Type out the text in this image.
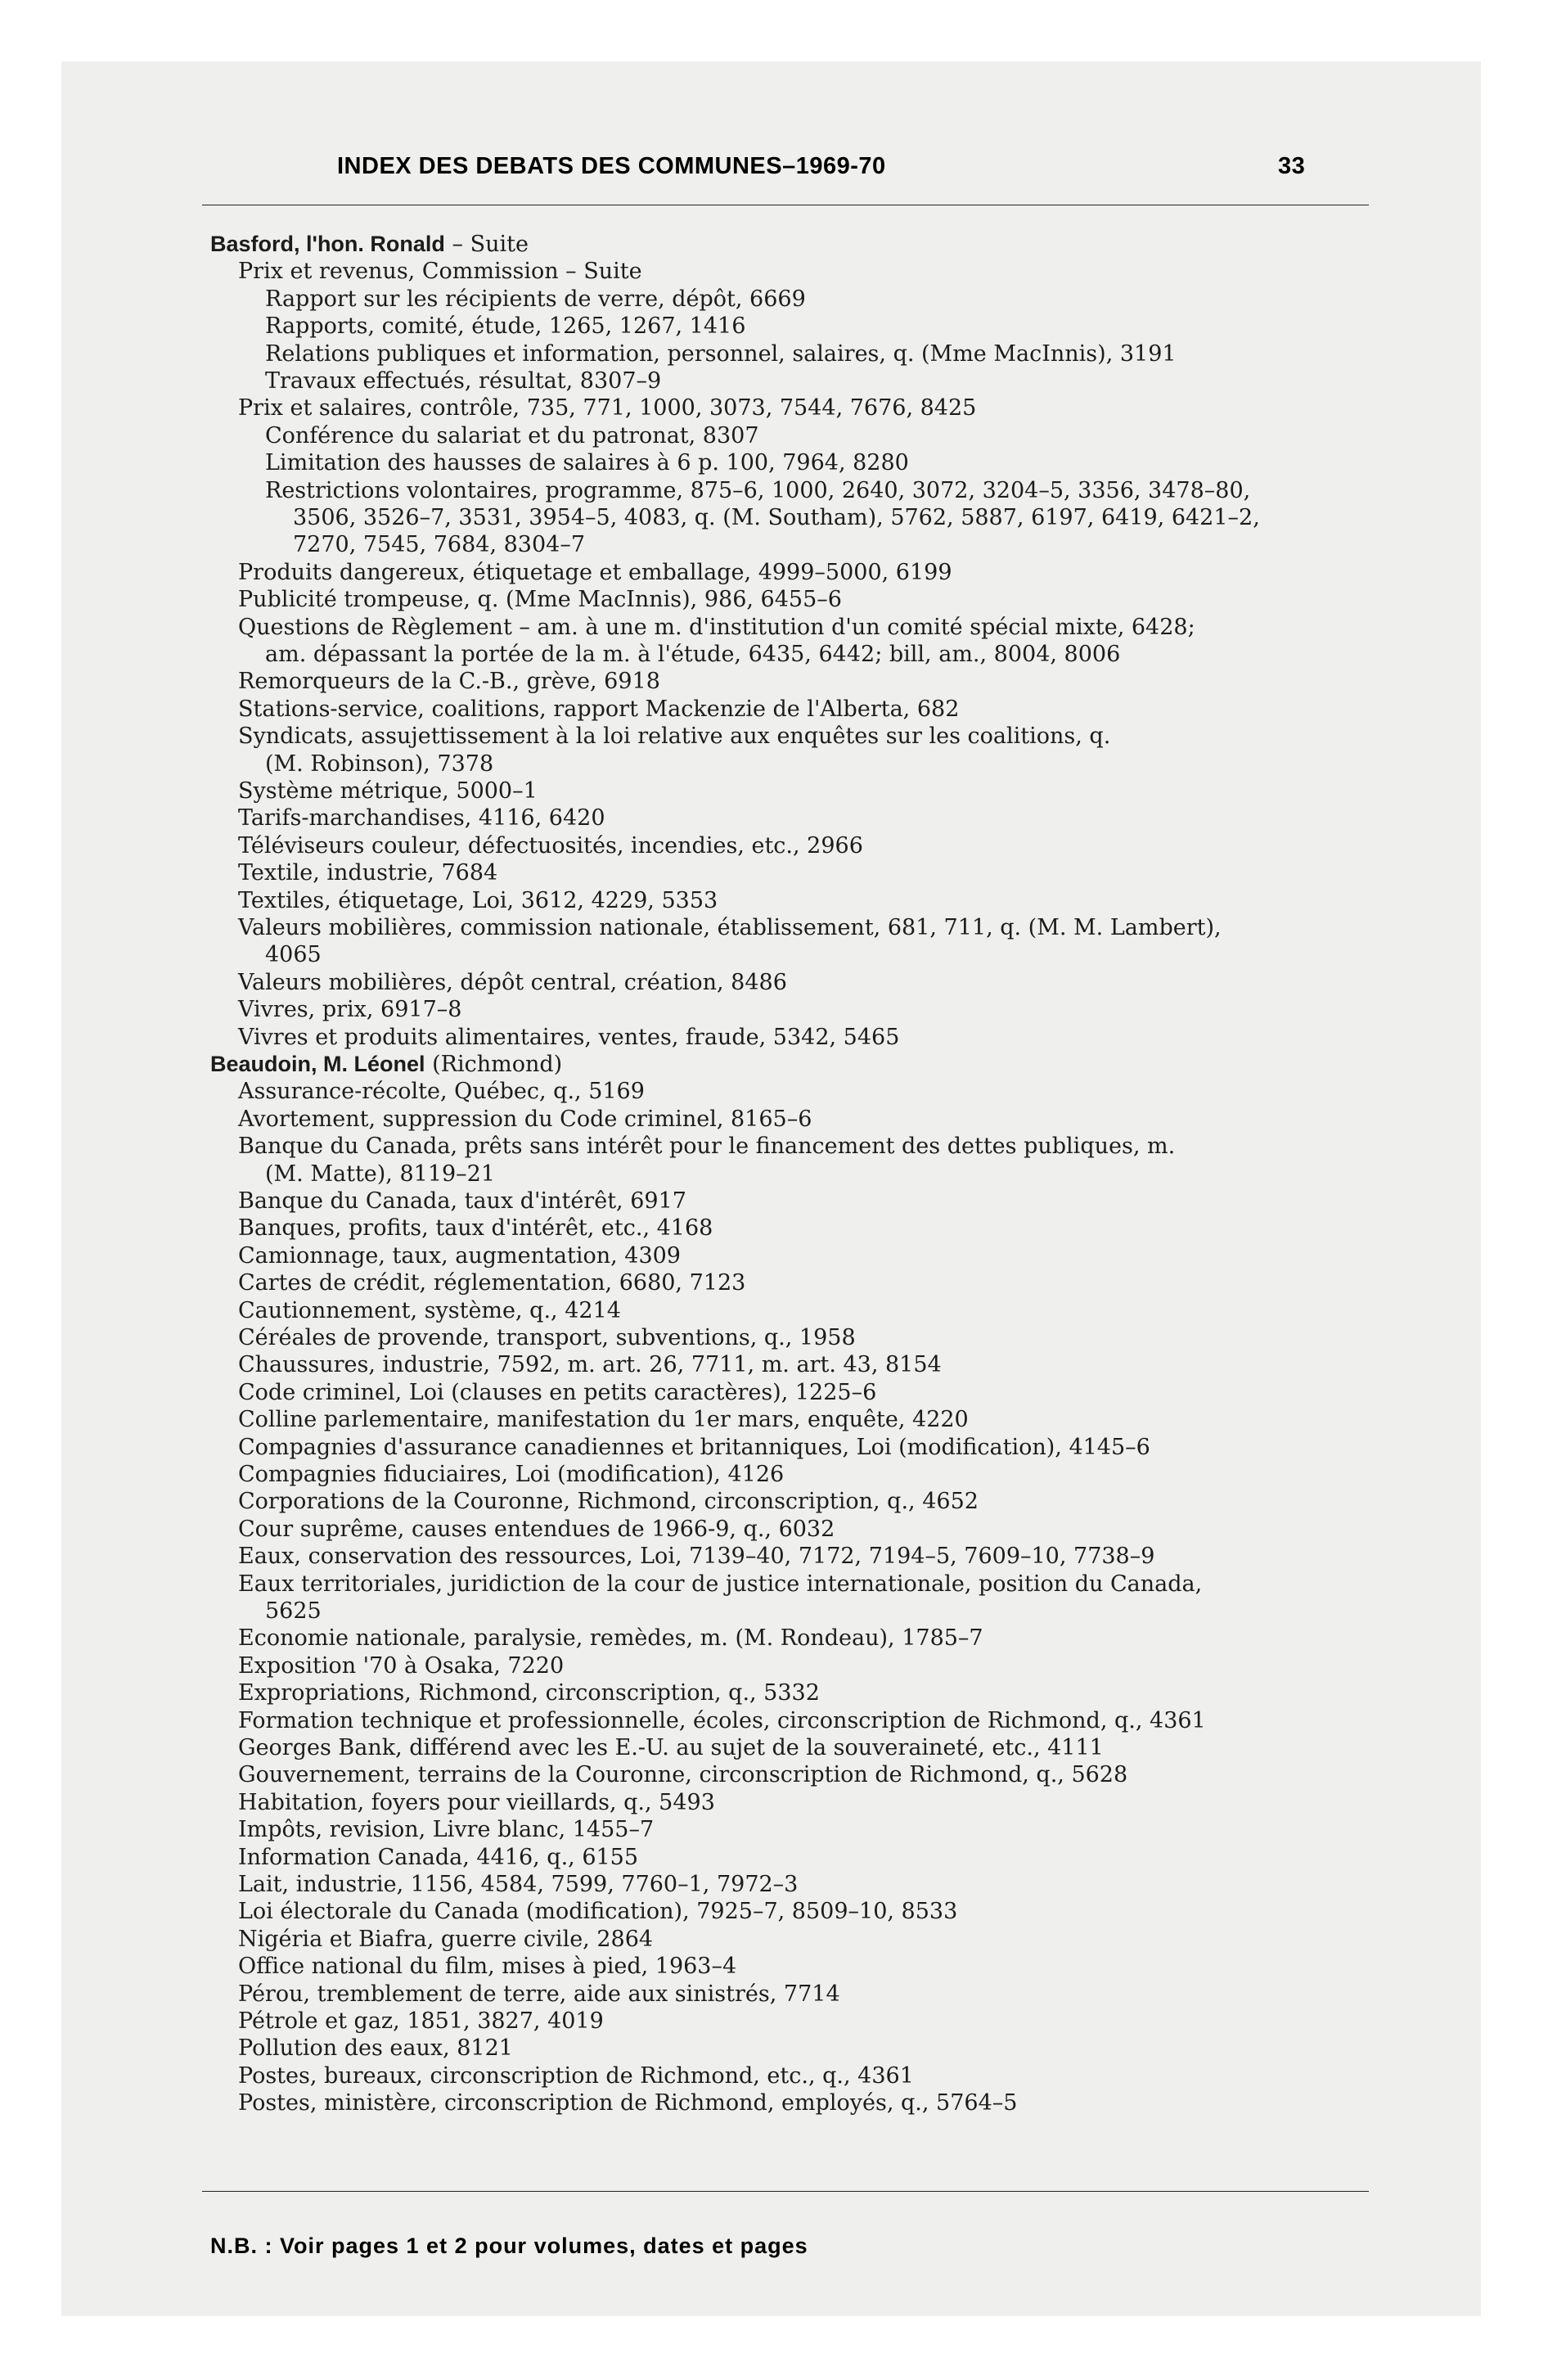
INDEX DES DEBATS DES COMMUNES–1969-70	33
Basford, l'hon. Ronald – Suite
Prix et revenus, Commission – Suite
Rapport sur les récipients de verre, dépôt, 6669
Rapports, comité, étude, 1265, 1267, 1416
Relations publiques et information, personnel, salaires, q. (Mme MacInnis), 3191
Travaux effectués, résultat, 8307–9
Prix et salaires, contrôle, 735, 771, 1000, 3073, 7544, 7676, 8425
Conférence du salariat et du patronat, 8307
Limitation des hausses de salaires à 6 p. 100, 7964, 8280
Restrictions volontaires, programme, 875–6, 1000, 2640, 3072, 3204–5, 3356, 3478–80,
3506, 3526–7, 3531, 3954–5, 4083, q. (M. Southam), 5762, 5887, 6197, 6419, 6421–2,
7270, 7545, 7684, 8304–7
Produits dangereux, étiquetage et emballage, 4999–5000, 6199
Publicité trompeuse, q. (Mme MacInnis), 986, 6455–6
Questions de Règlement – am. à une m. d'institution d'un comité spécial mixte, 6428;
am. dépassant la portée de la m. à l'étude, 6435, 6442; bill, am., 8004, 8006
Remorqueurs de la C.-B., grève, 6918
Stations-service, coalitions, rapport Mackenzie de l'Alberta, 682
Syndicats, assujettissement à la loi relative aux enquêtes sur les coalitions, q.
(M. Robinson), 7378
Système métrique, 5000–1
Tarifs-marchandises, 4116, 6420
Téléviseurs couleur, défectuosités, incendies, etc., 2966
Textile, industrie, 7684
Textiles, étiquetage, Loi, 3612, 4229, 5353
Valeurs mobilières, commission nationale, établissement, 681, 711, q. (M. M. Lambert),
4065
Valeurs mobilières, dépôt central, création, 8486
Vivres, prix, 6917–8
Vivres et produits alimentaires, ventes, fraude, 5342, 5465
Beaudoin, M. Léonel (Richmond)
Assurance-récolte, Québec, q., 5169
Avortement, suppression du Code criminel, 8165–6
Banque du Canada, prêts sans intérêt pour le financement des dettes publiques, m.
(M. Matte), 8119–21
Banque du Canada, taux d'intérêt, 6917
Banques, profits, taux d'intérêt, etc., 4168
Camionnage, taux, augmentation, 4309
Cartes de crédit, réglementation, 6680, 7123
Cautionnement, système, q., 4214
Céréales de provende, transport, subventions, q., 1958
Chaussures, industrie, 7592, m. art. 26, 7711, m. art. 43, 8154
Code criminel, Loi (clauses en petits caractères), 1225–6
Colline parlementaire, manifestation du 1er mars, enquête, 4220
Compagnies d'assurance canadiennes et britanniques, Loi (modification), 4145–6
Compagnies fiduciaires, Loi (modification), 4126
Corporations de la Couronne, Richmond, circonscription, q., 4652
Cour suprême, causes entendues de 1966-9, q., 6032
Eaux, conservation des ressources, Loi, 7139–40, 7172, 7194–5, 7609–10, 7738–9
Eaux territoriales, juridiction de la cour de justice internationale, position du Canada,
5625
Economie nationale, paralysie, remèdes, m. (M. Rondeau), 1785–7
Exposition '70 à Osaka, 7220
Expropriations, Richmond, circonscription, q., 5332
Formation technique et professionnelle, écoles, circonscription de Richmond, q., 4361
Georges Bank, différend avec les E.-U. au sujet de la souveraineté, etc., 4111
Gouvernement, terrains de la Couronne, circonscription de Richmond, q., 5628
Habitation, foyers pour vieillards, q., 5493
Impôts, revision, Livre blanc, 1455–7
Information Canada, 4416, q., 6155
Lait, industrie, 1156, 4584, 7599, 7760–1, 7972–3
Loi électorale du Canada (modification), 7925–7, 8509–10, 8533
Nigéria et Biafra, guerre civile, 2864
Office national du film, mises à pied, 1963–4
Pérou, tremblement de terre, aide aux sinistrés, 7714
Pétrole et gaz, 1851, 3827, 4019
Pollution des eaux, 8121
Postes, bureaux, circonscription de Richmond, etc., q., 4361
Postes, ministère, circonscription de Richmond, employés, q., 5764–5
N.B. : Voir pages 1 et 2 pour volumes, dates et pages
